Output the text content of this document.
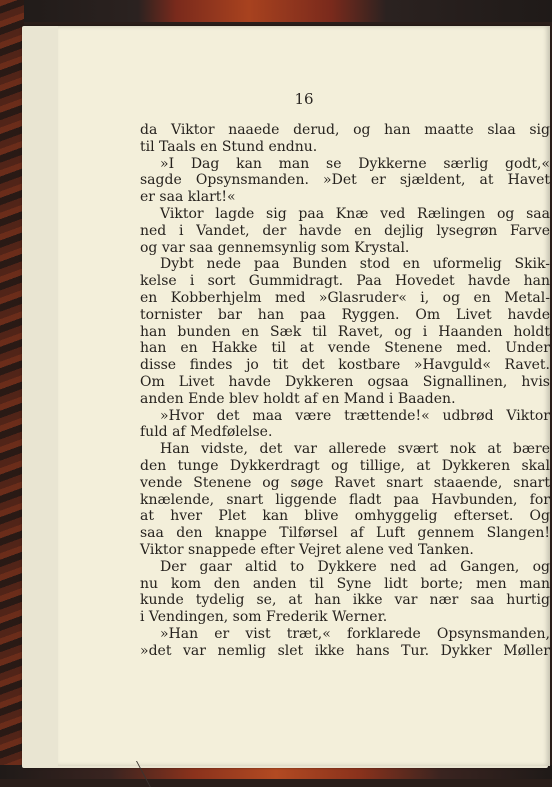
16
da Viktor naaede derud, og han maatte slaa sig
til Taals en Stund endnu.
»I Dag kan man se Dykkerne særlig godt,«
sagde Opsynsmanden. »Det er sjældent, at Havet
er saa klart!«
Viktor lagde sig paa Knæ ved Rælingen og saa
ned i Vandet, der havde en dejlig lysegrøn Farve
og var saa gennemsynlig som Krystal.
Dybt nede paa Bunden stod en uformelig Skik-
kelse i sort Gummidragt. Paa Hovedet havde han
en Kobberhjelm med »Glasruder« i, og en Metal-
tornister bar han paa Ryggen. Om Livet havde
han bunden en Sæk til Ravet, og i Haanden holdt
han en Hakke til at vende Stenene med. Under
disse findes jo tit det kostbare »Havguld« Ravet.
Om Livet havde Dykkeren ogsaa Signallinen, hvis
anden Ende blev holdt af en Mand i Baaden.
»Hvor det maa være trættende!« udbrød Viktor
fuld af Medfølelse.
Han vidste, det var allerede svært nok at bære
den tunge Dykkerdragt og tillige, at Dykkeren skal
vende Stenene og søge Ravet snart staaende, snart
knælende, snart liggende fladt paa Havbunden, for
at hver Plet kan blive omhyggelig efterset. Og
saa den knappe Tilførsel af Luft gennem Slangen!
Viktor snappede efter Vejret alene ved Tanken.
Der gaar altid to Dykkere ned ad Gangen, og
nu kom den anden til Syne lidt borte; men man
kunde tydelig se, at han ikke var nær saa hurtig
i Vendingen, som Frederik Werner.
»Han er vist træt,« forklarede Opsynsmanden,
»det var nemlig slet ikke hans Tur. Dykker Møller
